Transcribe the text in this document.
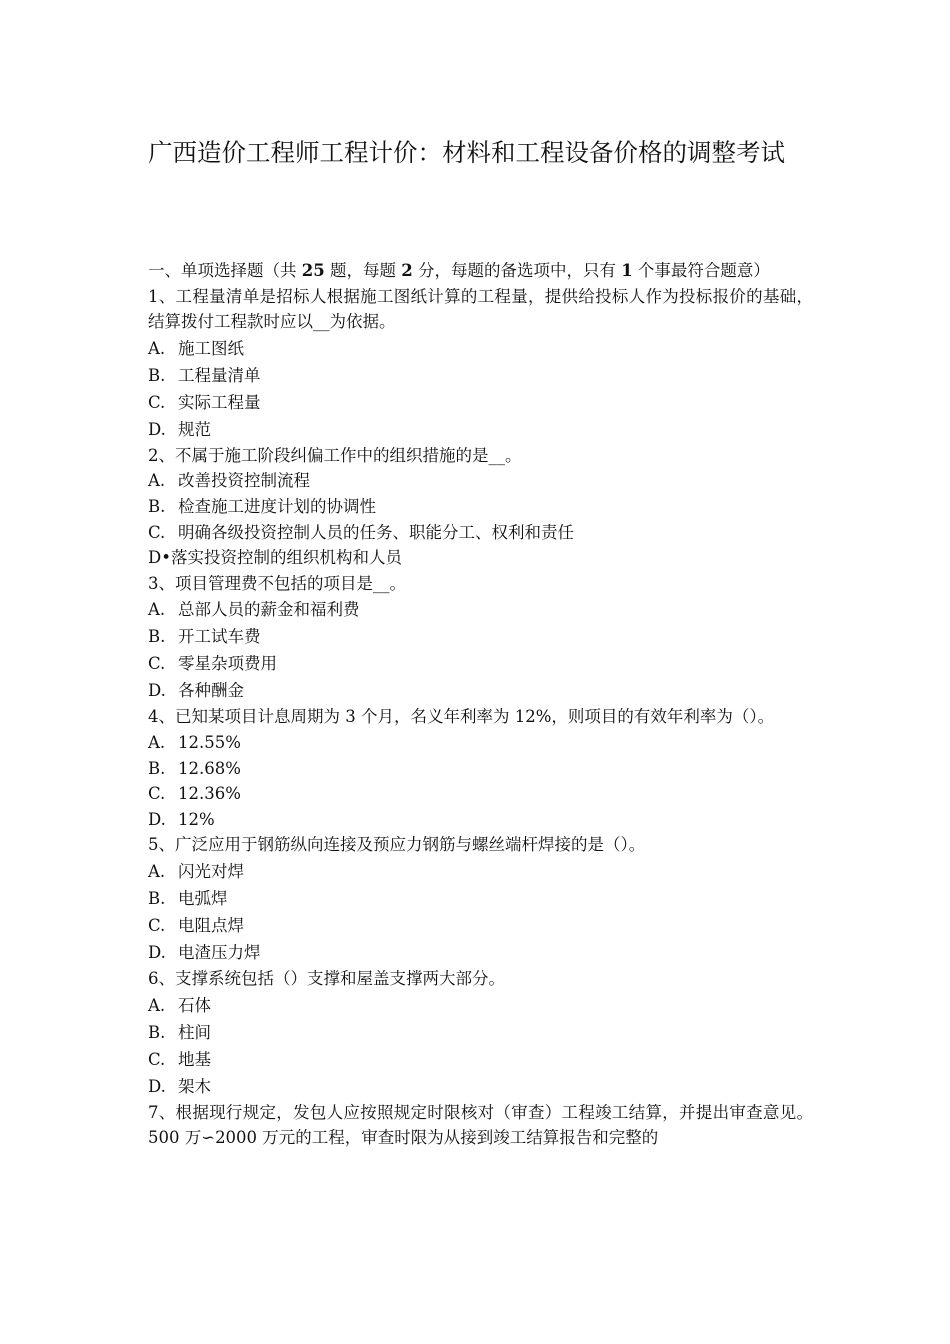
广西造价工程师工程计价：材料和工程设备价格的调整考试
一、单项选择题（共 25 题，每题 2 分，每题的备选项中，只有 1 个事最符合题意）
1、工程量清单是招标人根据施工图纸计算的工程量，提供给投标人作为投标报价的基础，结算拨付工程款时应以__为依据。
A. 施工图纸
B. 工程量清单
C. 实际工程量
D. 规范
2、不属于施工阶段纠偏工作中的组织措施的是__。
A. 改善投资控制流程
B. 检查施工进度计划的协调性
C. 明确各级投资控制人员的任务、职能分工、权利和责任
D•落实投资控制的组织机构和人员
3、项目管理费不包括的项目是__。
A. 总部人员的薪金和福利费
B. 开工试车费
C. 零星杂项费用
D. 各种酬金
4、已知某项目计息周期为 3 个月，名义年利率为 12%，则项目的有效年利率为（）。
A. 12.55%
B. 12.68%
C. 12.36%
D. 12%
5、广泛应用于钢筋纵向连接及预应力钢筋与螺丝端杆焊接的是（）。
A. 闪光对焊
B. 电弧焊
C. 电阻点焊
D. 电渣压力焊
6、支撑系统包括（）支撑和屋盖支撑两大部分。
A. 石体
B. 柱间
C. 地基
D. 架木
7、根据现行规定，发包人应按照规定时限核对（审查）工程竣工结算，并提出审查意见。500 万∽2000 万元的工程，审查时限为从接到竣工结算报告和完整的
